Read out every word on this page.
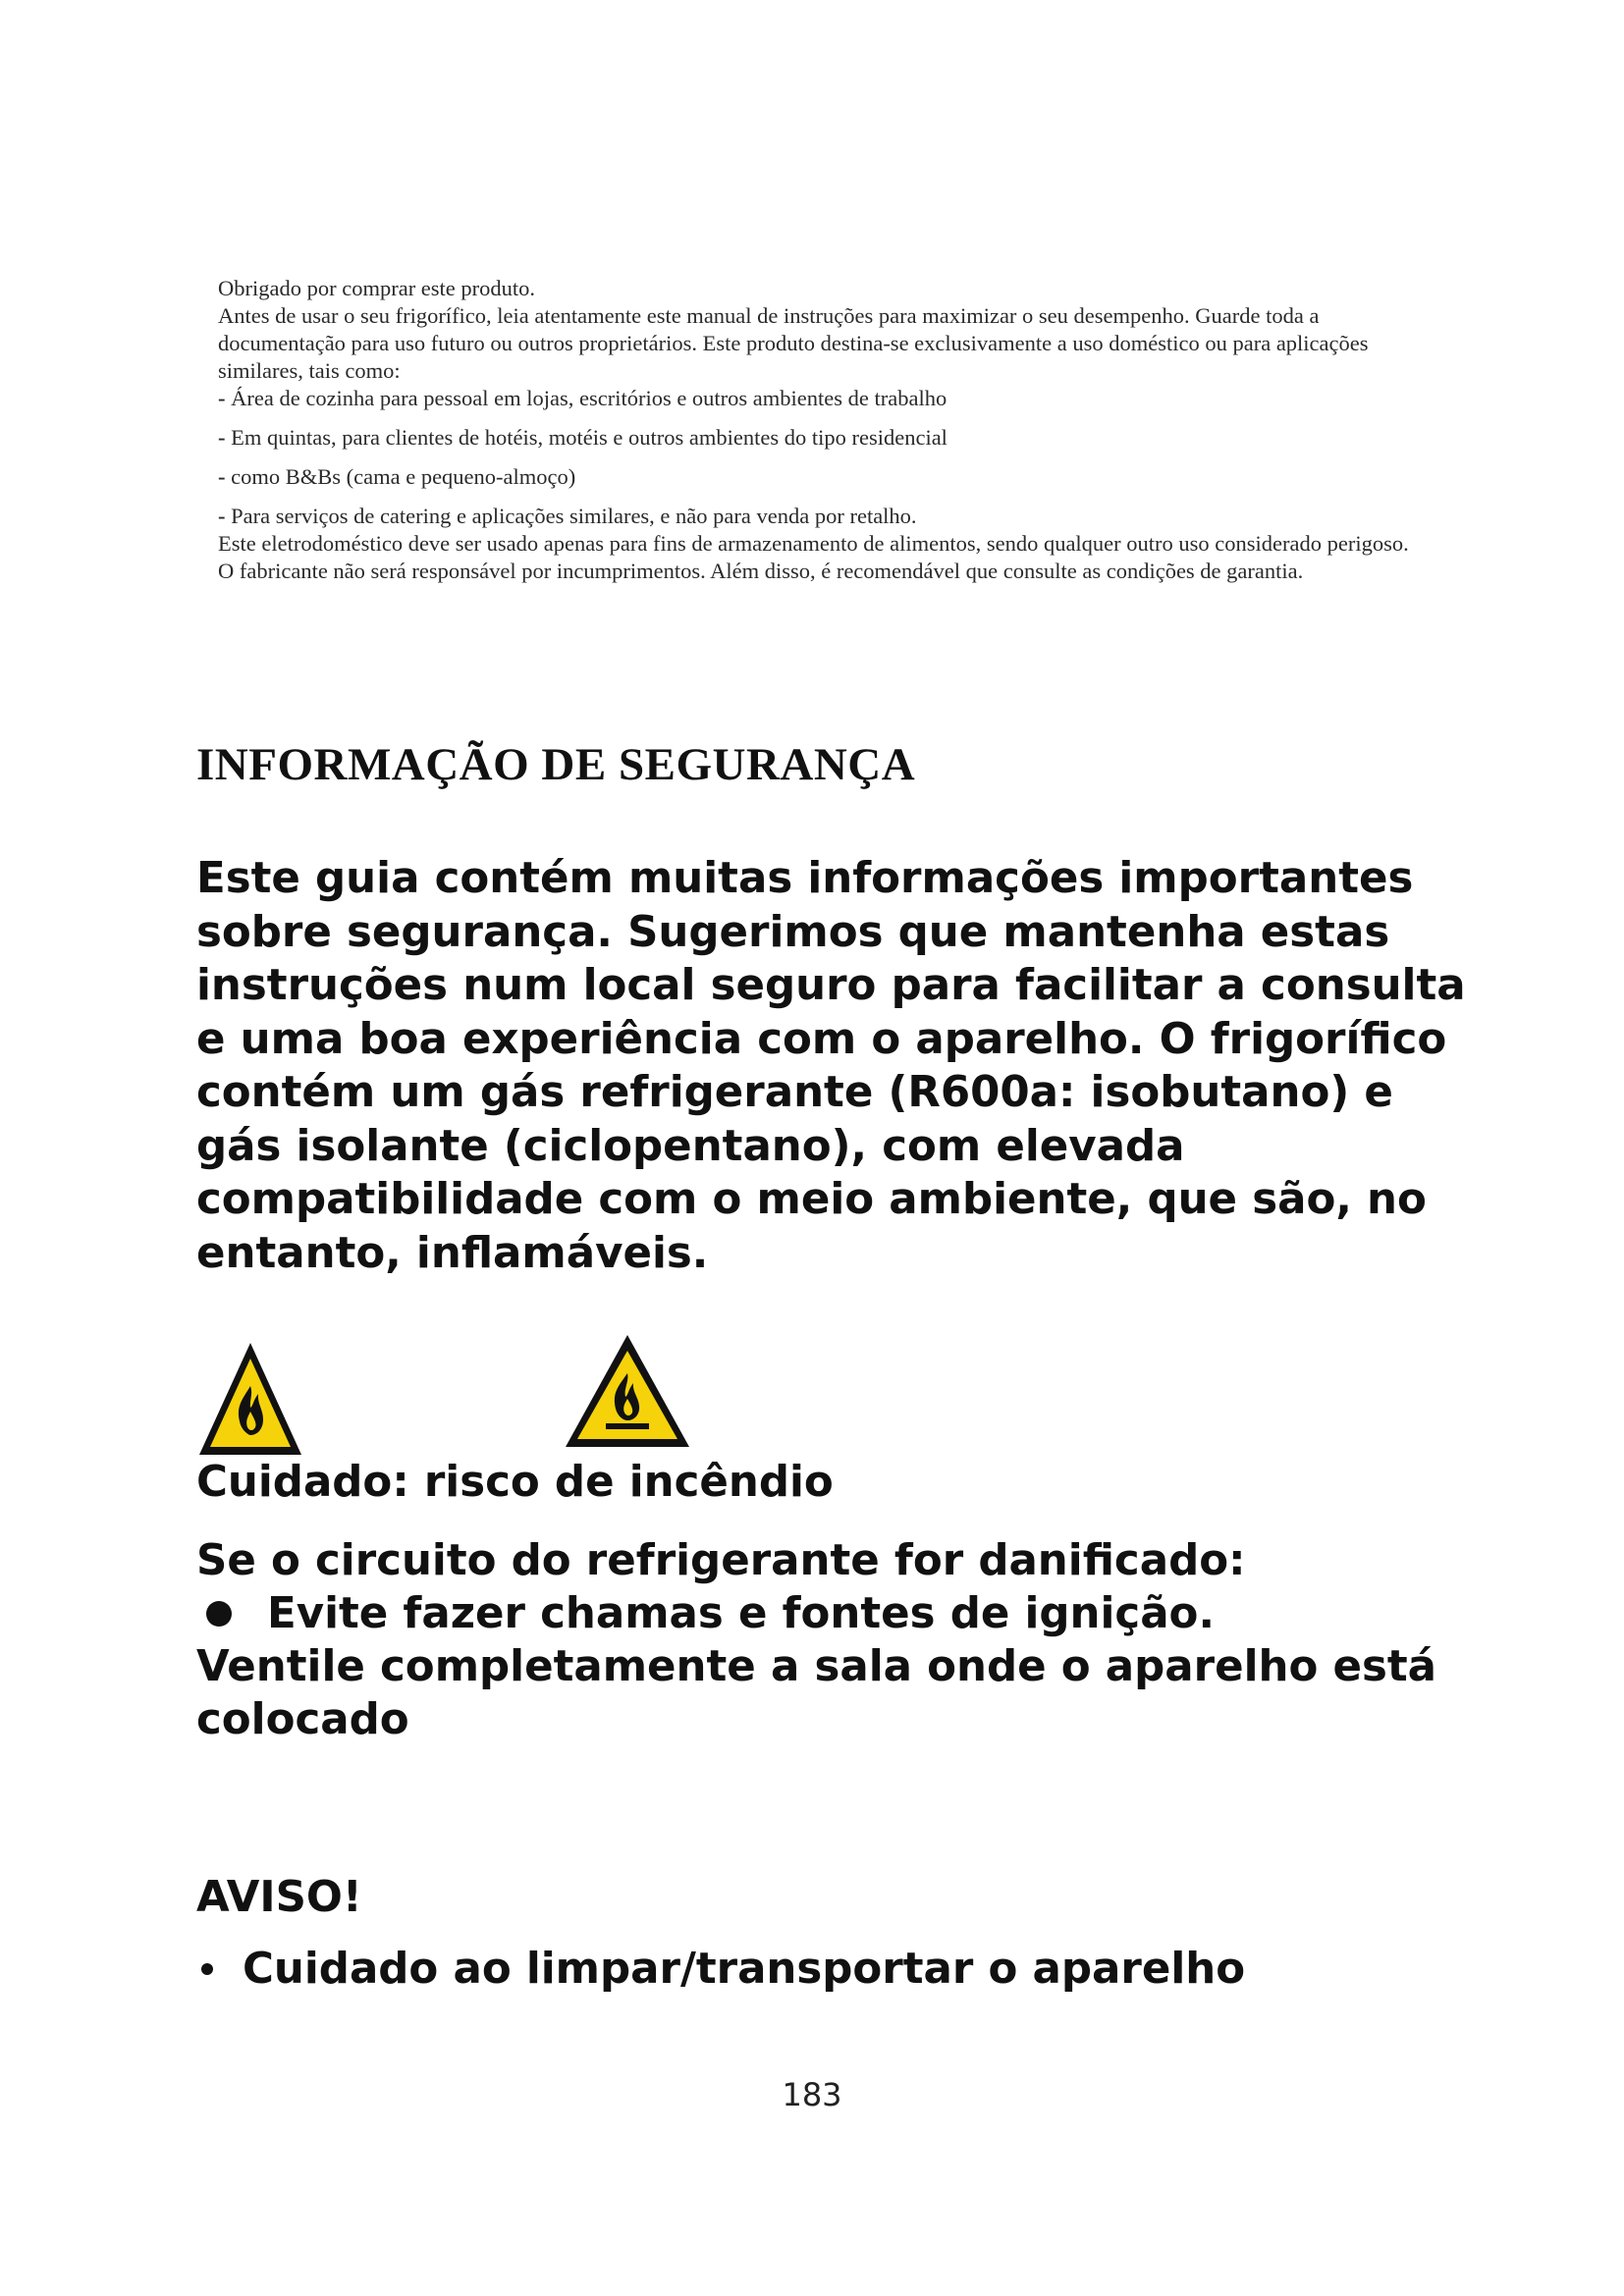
Obrigado por comprar este produto.

Antes de usar o seu frigorífico, leia atentamente este manual de instruções para maximizar o seu desempenho. Guarde toda a documentação para uso futuro ou outros proprietários. Este produto destina-se exclusivamente a uso doméstico ou para aplicações similares, tais como:

- Área de cozinha para pessoal em lojas, escritórios e outros ambientes de trabalho

- Em quintas, para clientes de hotéis, motéis e outros ambientes do tipo residencial

- como B&Bs (cama e pequeno-almoço)

- Para serviços de catering e aplicações similares, e não para venda por retalho.

Este eletrodoméstico deve ser usado apenas para fins de armazenamento de alimentos, sendo qualquer outro uso considerado perigoso. O fabricante não será responsável por incumprimentos. Além disso, é recomendável que consulte as condições de garantia.

INFORMAÇÃO DE SEGURANÇA

Este guia contém muitas informações importantes sobre segurança. Sugerimos que mantenha estas instruções num local seguro para facilitar a consulta e uma boa experiência com o aparelho. O frigorífico contém um gás refrigerante (R600a: isobutano) e gás isolante (ciclopentano), com elevada compatibilidade com o meio ambiente, que são, no entanto, inflamáveis.

Cuidado: risco de incêndio

Se o circuito do refrigerante for danificado:
Evite fazer chamas e fontes de ignição.
Ventile completamente a sala onde o aparelho está colocado

AVISO!

Cuidado ao limpar/transportar o aparelho

183
